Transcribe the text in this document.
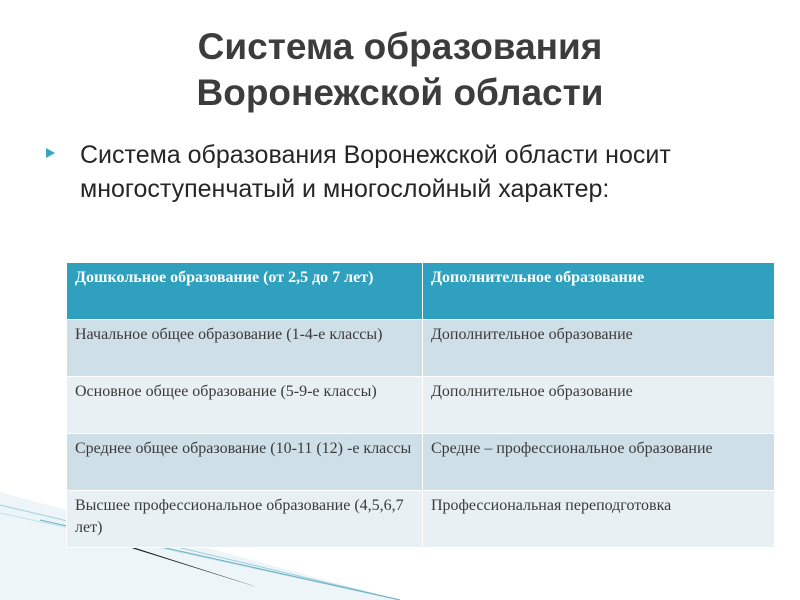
Система образования
Воронежской области
Система образования Воронежской области носит многоступенчатый и многослойный характер:
Дошкольное образование (от 2,5 до 7 лет)	Дополнительное образование
Начальное общее образование (1-4-е классы)	Дополнительное образование
Основное общее образование (5-9-е классы)	Дополнительное образование
Среднее общее образование (10-11 (12) -е классы	Средне – профессиональное образование
Высшее профессиональное образование (4,5,6,7 лет)	Профессиональная переподготовка
